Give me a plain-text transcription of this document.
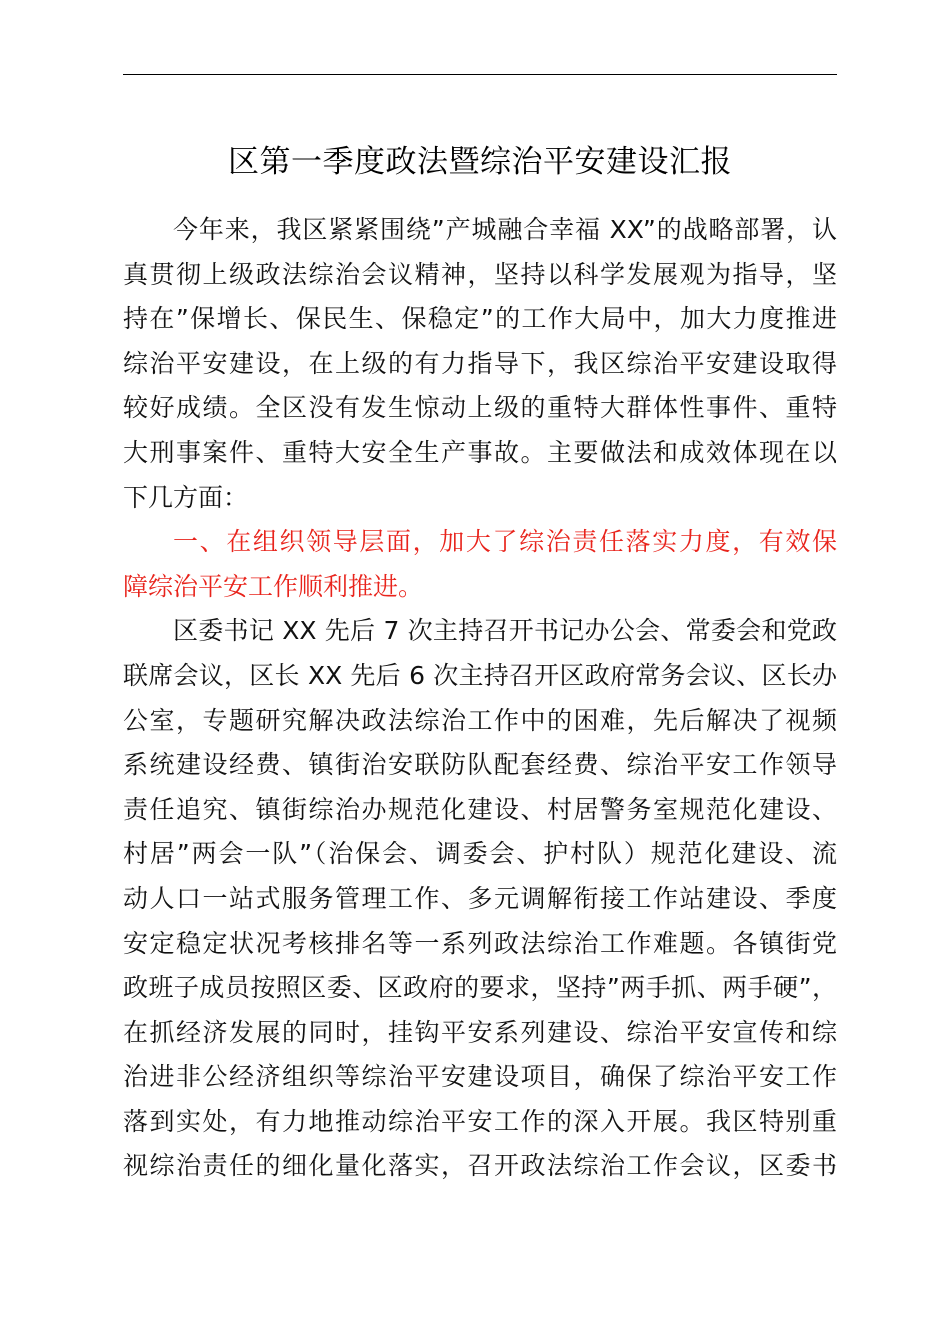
区第一季度政法暨综治平安建设汇报
今年来，我区紧紧围绕”产城融合幸福 XX”的战略部署，认
真贯彻上级政法综治会议精神，坚持以科学发展观为指导，坚
持在”保增长、保民生、保稳定”的工作大局中，加大力度推进
综治平安建设，在上级的有力指导下，我区综治平安建设取得
较好成绩。全区没有发生惊动上级的重特大群体性事件、重特
大刑事案件、重特大安全生产事故。主要做法和成效体现在以
下几方面：
一、在组织领导层面，加大了综治责任落实力度，有效保
障综治平安工作顺利推进。
区委书记 XX 先后 7 次主持召开书记办公会、常委会和党政
联席会议，区长 XX 先后 6 次主持召开区政府常务会议、区长办
公室，专题研究解决政法综治工作中的困难，先后解决了视频
系统建设经费、镇街治安联防队配套经费、综治平安工作领导
责任追究、镇街综治办规范化建设、村居警务室规范化建设、
村居”两会一队”（治保会、调委会、护村队）规范化建设、流
动人口一站式服务管理工作、多元调解衔接工作站建设、季度
安定稳定状况考核排名等一系列政法综治工作难题。各镇街党
政班子成员按照区委、区政府的要求，坚持”两手抓、两手硬”，
在抓经济发展的同时，挂钩平安系列建设、综治平安宣传和综
治进非公经济组织等综治平安建设项目，确保了综治平安工作
落到实处，有力地推动综治平安工作的深入开展。我区特别重
视综治责任的细化量化落实，召开政法综治工作会议，区委书
